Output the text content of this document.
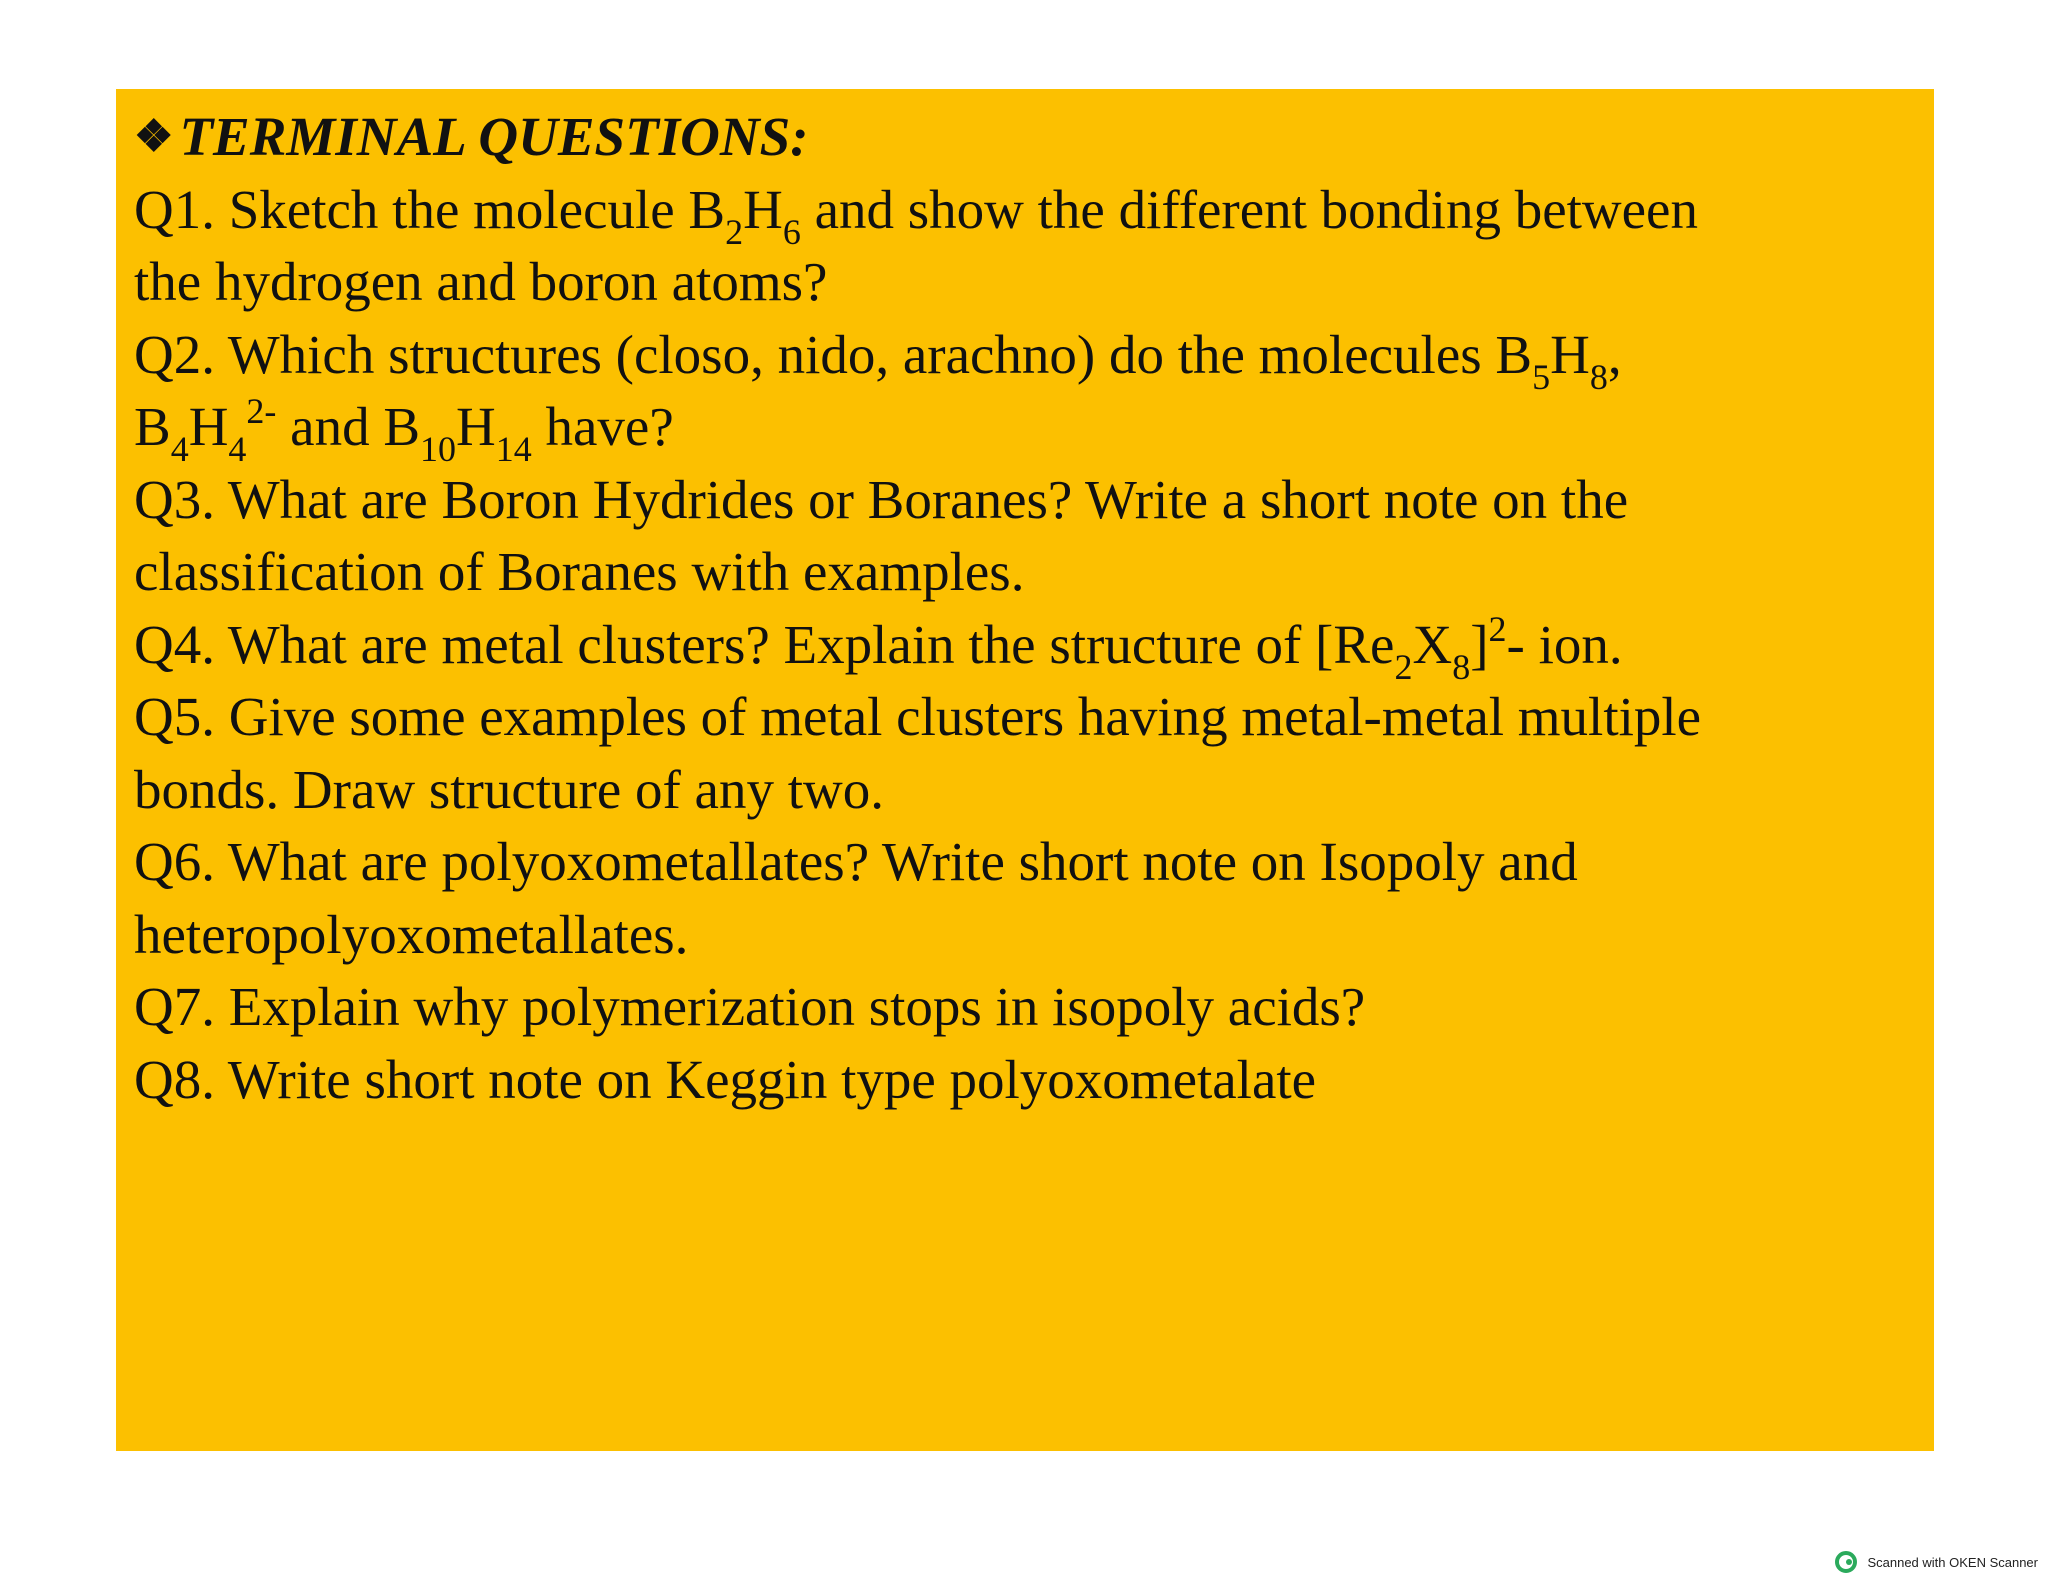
❖ TERMINAL QUESTIONS:
Q1. Sketch the molecule $B_2H_6$ and show the different bonding between
the hydrogen and boron atoms?
Q2. Which structures (closo, nido, arachno) do the molecules $B_5H_8$,
$B_4H_4^{2-}$ and $B_{10}H_{14}$ have?
Q3. What are Boron Hydrides or Boranes? Write a short note on the
classification of Boranes with examples.
Q4. What are metal clusters? Explain the structure of $[Re_2X_8]^2-$ ion.
Q5. Give some examples of metal clusters having metal-metal multiple
bonds. Draw structure of any two.
Q6. What are polyoxometallates? Write short note on Isopoly and
heteropolyoxometallates.
Q7. Explain why polymerization stops in isopoly acids?
Q8. Write short note on Keggin type polyoxometalate
Scanned with OKEN Scanner
